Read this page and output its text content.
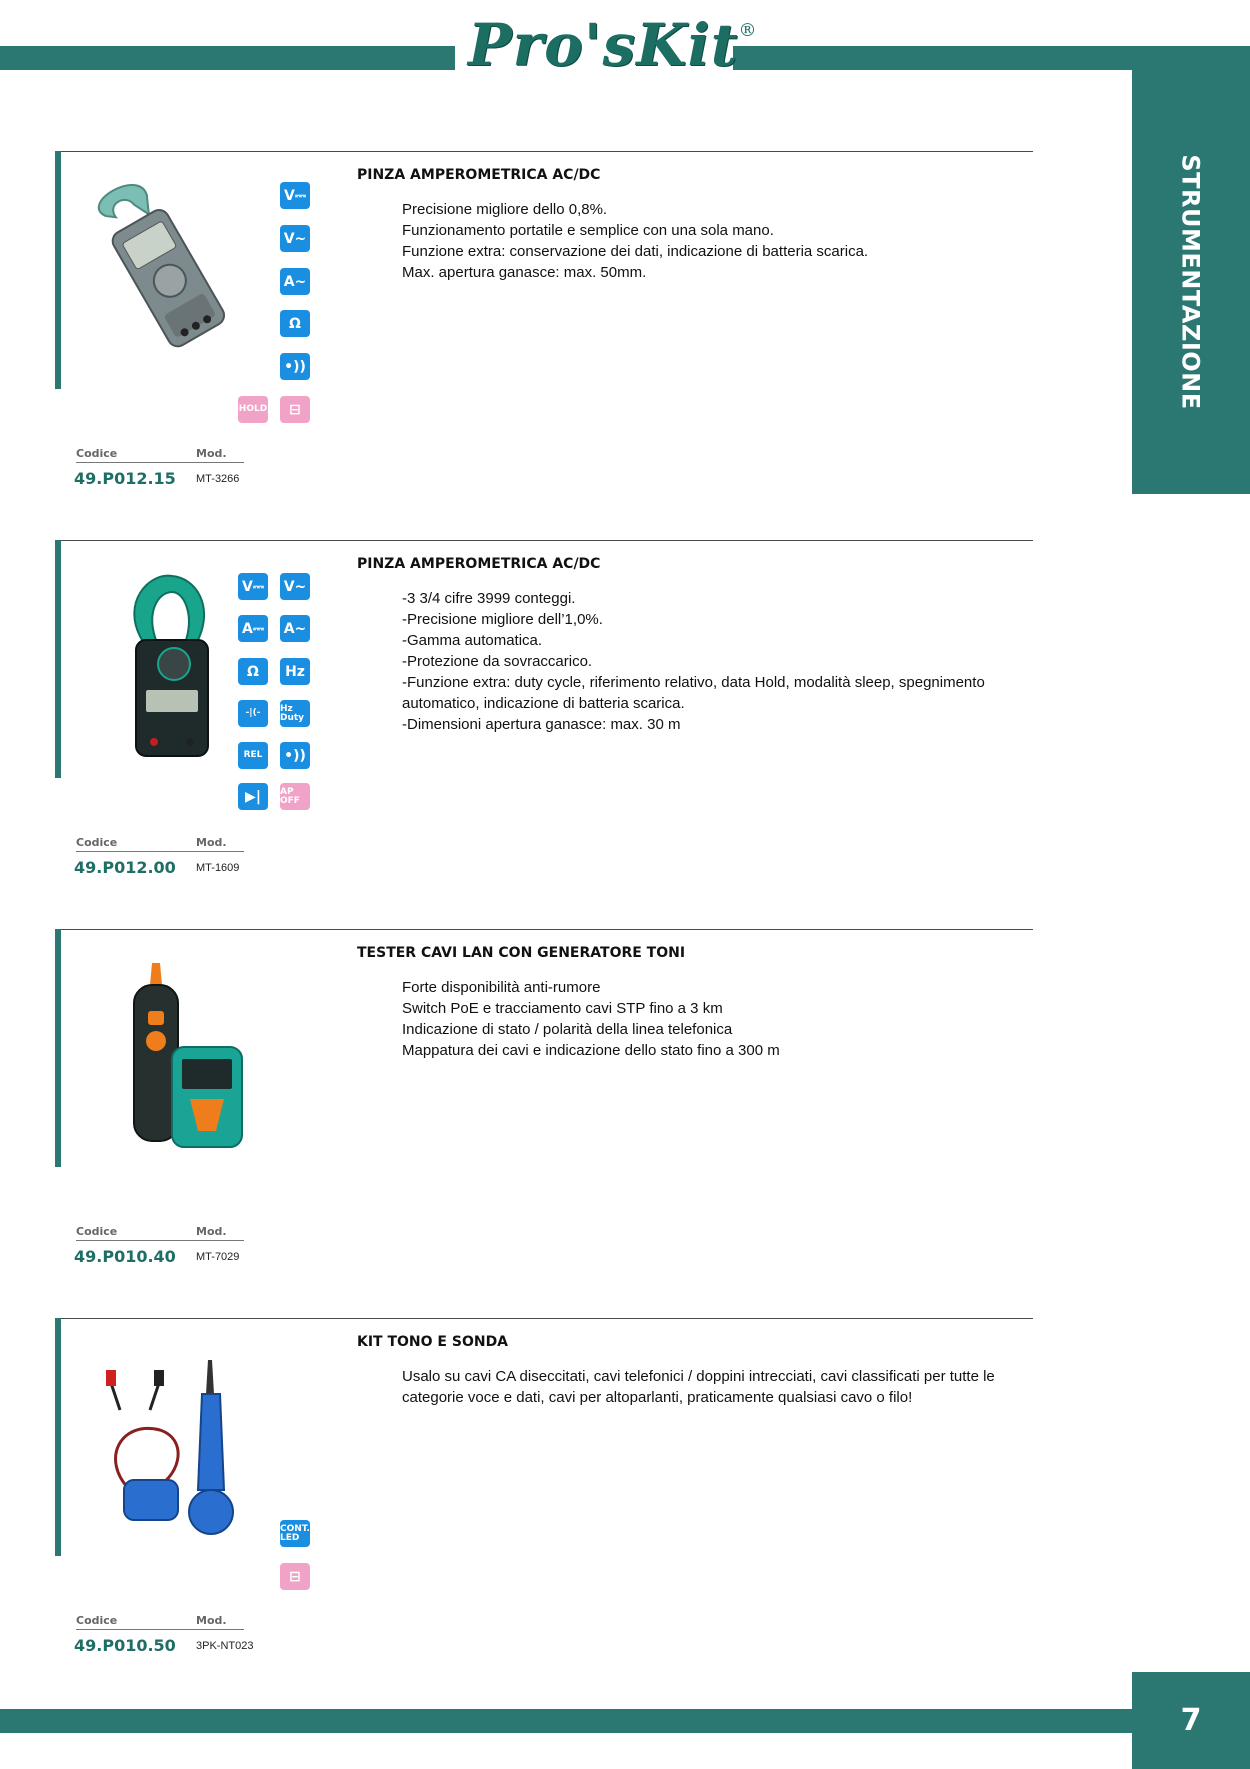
Pro'sKit®
STRUMENTAZIONE
V⎓
V~
A~
Ω
•))
HOLD	⊟
PINZA AMPEROMETRICA AC/DC
Precisione migliore dello 0,8%.
Funzionamento portatile e semplice con una sola mano.
Funzione extra: conservazione dei dati, indicazione di batteria scarica.
Max. apertura ganasce: max. 50mm.
Codice	Mod.
49.P012.15 MT-3266
V⎓ V~
A⎓ A~
Ω	Hz
-|(-	Hz Duty
REL	•))
▶|	AP OFF
PINZA AMPEROMETRICA AC/DC
-3 3/4 cifre 3999 conteggi.
-Precisione migliore dell’1,0%.
-Gamma automatica.
-Protezione da sovraccarico.
-Funzione extra: duty cycle, riferimento relativo, data Hold, modalità sleep, spegnimento
automatico, indicazione di batteria scarica.
-Dimensioni apertura ganasce: max. 30 m
Codice	Mod.
49.P012.00 MT-1609
TESTER CAVI LAN CON GENERATORE TONI
Forte disponibilità anti-rumore
Switch PoE e tracciamento cavi STP fino a 3 km
Indicazione di stato / polarità della linea telefonica
Mappatura dei cavi e indicazione dello stato fino a 300 m
Codice	Mod.
49.P010.40 MT-7029
CONT. LED
⊟
KIT TONO E SONDA
Usalo su cavi CA diseccitati, cavi telefonici / doppini intrecciati, cavi classificati per tutte le
categorie voce e dati, cavi per altoparlanti, praticamente qualsiasi cavo o filo!
Codice	Mod.
49.P010.50 3PK-NT023
7
